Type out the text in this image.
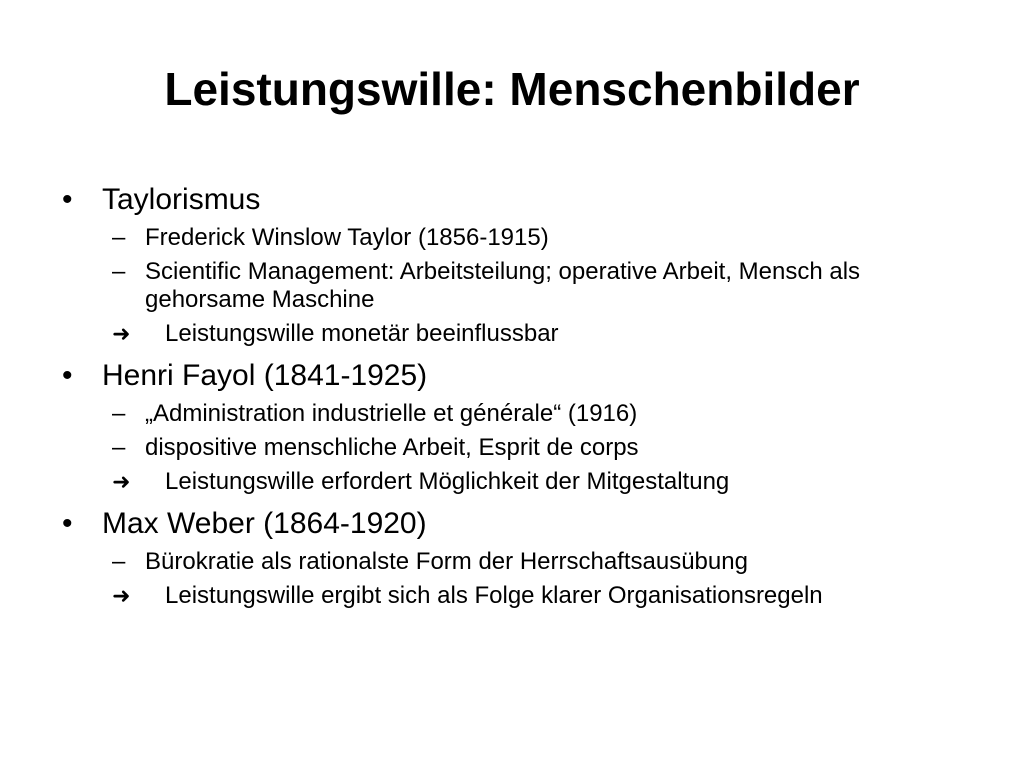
Leistungswille: Menschenbilder
• Taylorismus
– Frederick Winslow Taylor (1856-1915)
– Scientific Management: Arbeitsteilung; operative Arbeit, Mensch als gehorsame Maschine
➜	Leistungswille monetär beeinflussbar
• Henri Fayol (1841-1925)
– „Administration industrielle et générale“ (1916)
– dispositive menschliche Arbeit, Esprit de corps
➜	Leistungswille erfordert Möglichkeit der Mitgestaltung
• Max Weber (1864-1920)
– Bürokratie als rationalste Form der Herrschaftsausübung
➜	Leistungswille ergibt sich als Folge klarer Organisationsregeln
